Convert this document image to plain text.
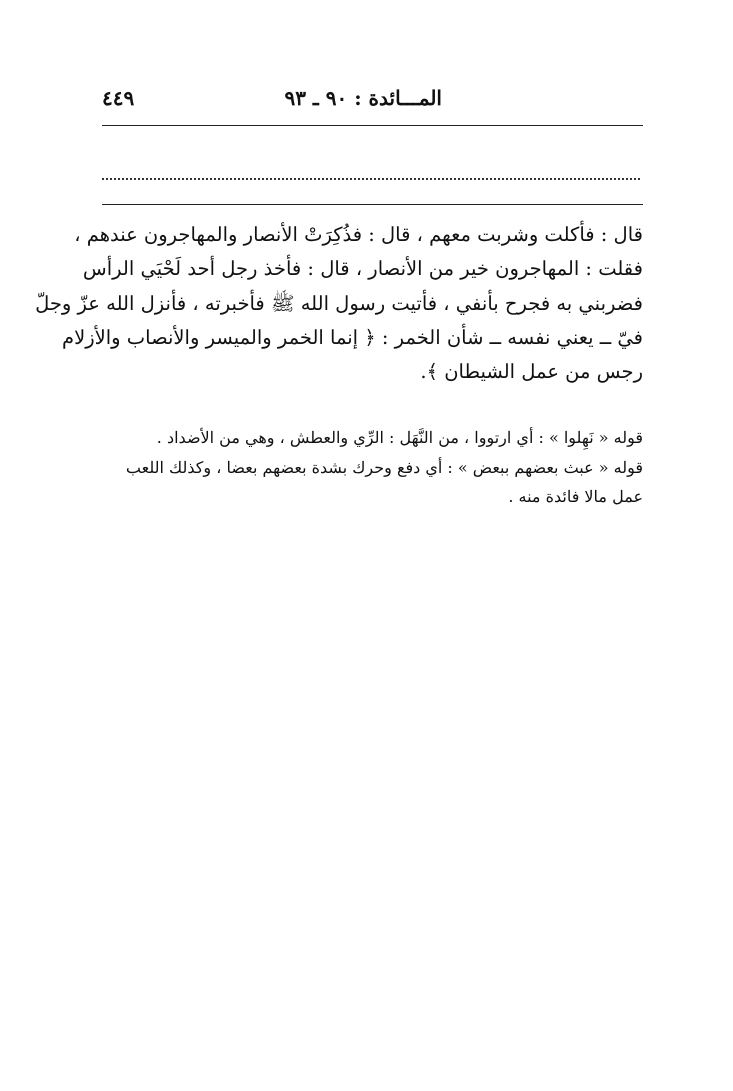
المـــائدة : ٩٠ ـ ٩٣
٤٤٩
قال : فأكلت وشربت معهم ، قال : فذُكِرَتْ الأنصار والمهاجرون عندهم ،
فقلت : المهاجرون خير من الأنصار ، قال : فأخذ رجل أحد لَحْيَي الرأس
فضربني به فجرح بأنفي ، فأتيت رسول الله ﷺ فأخبرته ، فأنزل الله عزّ وجلّ
فيّ ــ يعني نفسه ــ شأن الخمر : ﴿ إنما الخمر والميسر والأنصاب والأزلام
رجس من عمل الشيطان ﴾.
قوله « نَهِلوا » : أي ارتووا ، من النَّهَل : الرِّي والعطش ، وهي من الأضداد .
قوله « عبث بعضهم ببعض » : أي دفع وحرك بشدة بعضهم بعضا ، وكذلك اللعب
عمل مالا فائدة منه .
